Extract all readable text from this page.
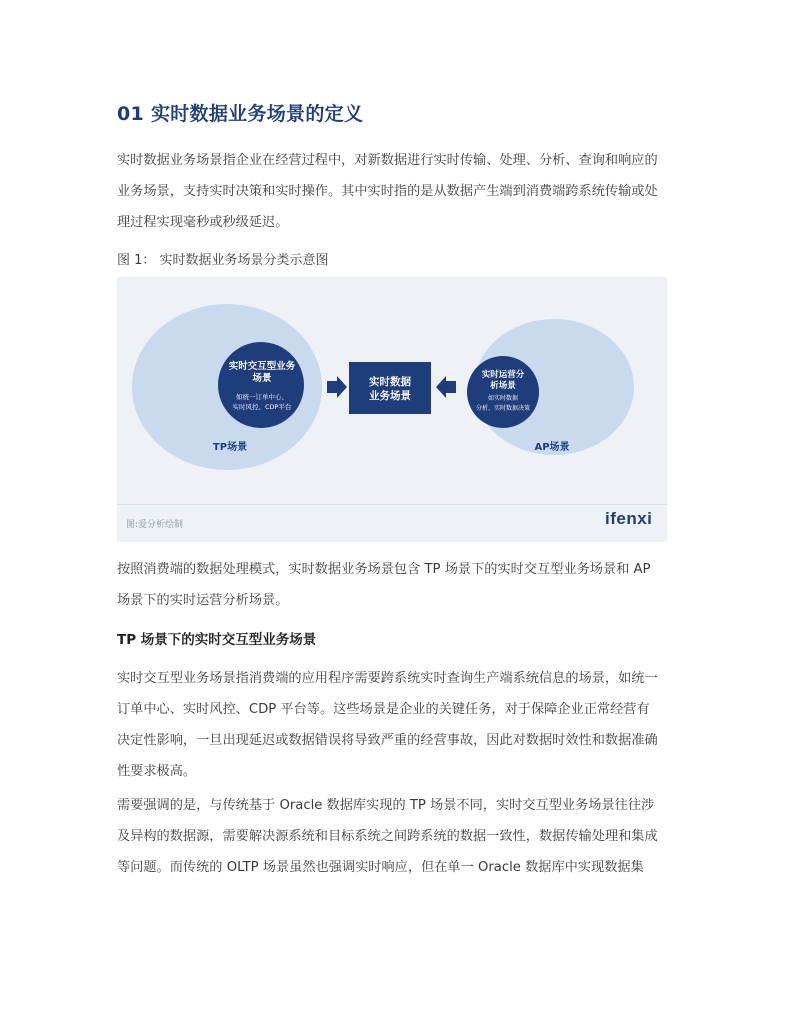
01 实时数据业务场景的定义
实时数据业务场景指企业在经营过程中，对新数据进行实时传输、处理、分析、查询和响应的
业务场景，支持实时决策和实时操作。其中实时指的是从数据产生端到消费端跨系统传输或处
理过程实现毫秒或秒级延迟。
图 1： 实时数据业务场景分类示意图
实时交互型业务
场景
如统一订单中心、
实时风控、CDP平台
TP场景
实时数据
业务场景
实时运营分
析场景
如实时数据
分析、实时数据决策
AP场景
图:爱分析绘制	ifenxi
按照消费端的数据处理模式，实时数据业务场景包含 TP 场景下的实时交互型业务场景和 AP
场景下的实时运营分析场景。
TP 场景下的实时交互型业务场景
实时交互型业务场景指消费端的应用程序需要跨系统实时查询生产端系统信息的场景，如统一
订单中心、实时风控、CDP 平台等。这些场景是企业的关键任务，对于保障企业正常经营有
决定性影响，一旦出现延迟或数据错误将导致严重的经营事故，因此对数据时效性和数据准确
性要求极高。
需要强调的是，与传统基于 Oracle 数据库实现的 TP 场景不同，实时交互型业务场景往往涉
及异构的数据源，需要解决源系统和目标系统之间跨系统的数据一致性，数据传输处理和集成
等问题。而传统的 OLTP 场景虽然也强调实时响应，但在单一 Oracle 数据库中实现数据集
